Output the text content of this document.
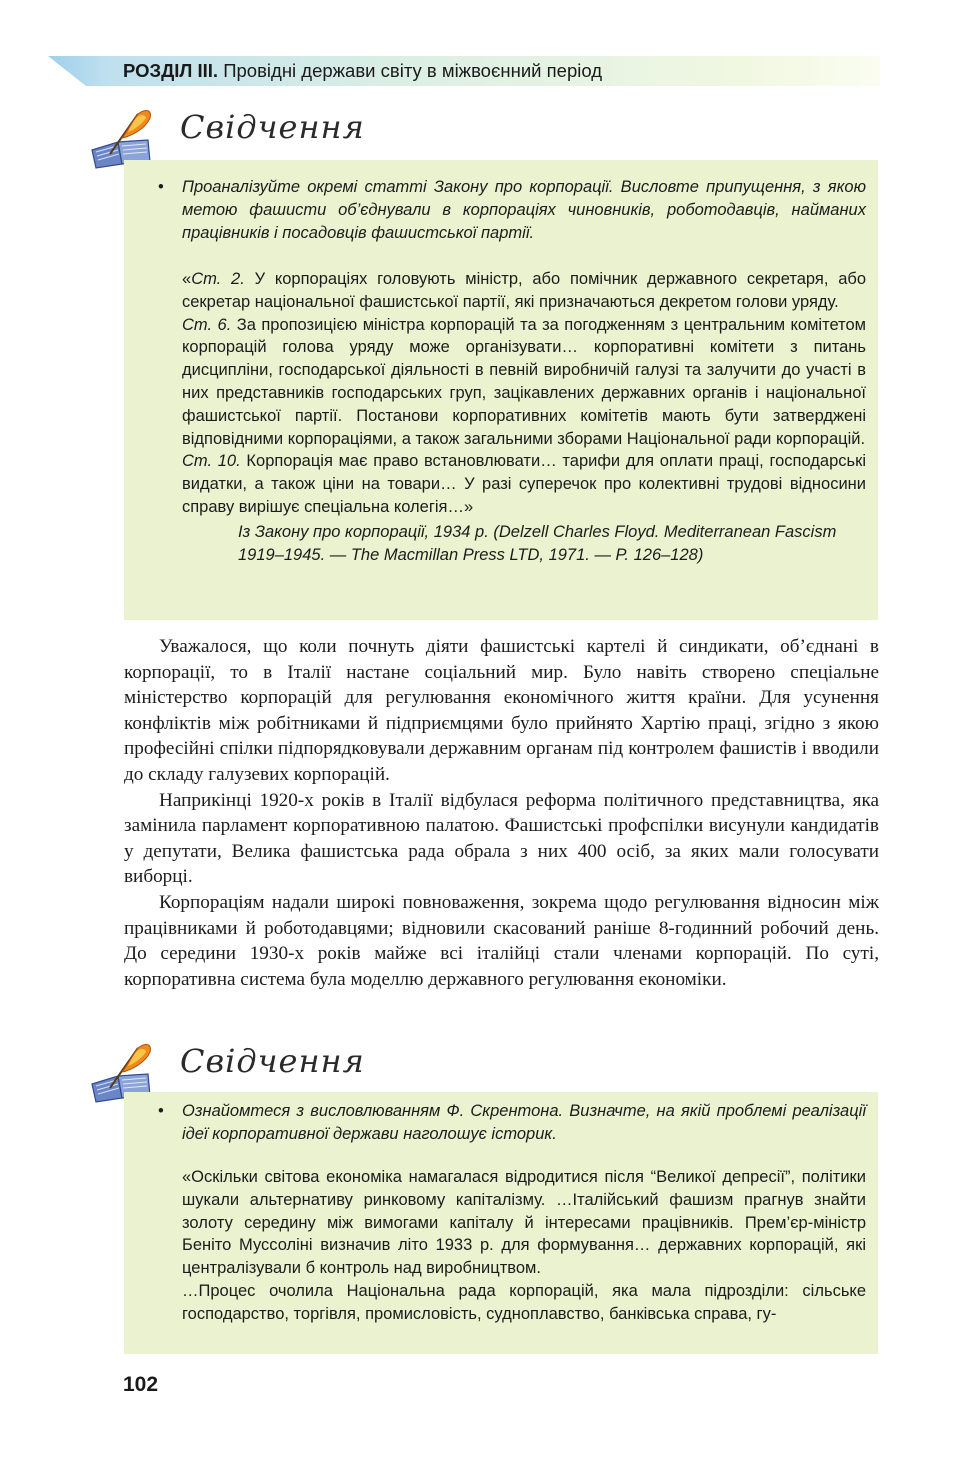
РОЗДІЛ ІІІ. Провідні держави світу в міжвоєнний період
Свідчення
• Проаналізуйте окремі статті Закону про корпорації. Висловте припущення, з якою метою фашисти об’єднували в корпораціях чиновників, роботодавців, найманих працівників і посадовців фашистської партії.

«Ст. 2. У корпораціях головують міністр, або помічник державного секретаря, або секретар національної фашистської партії, які призначаються декретом голови уряду.

Ст. 6. За пропозицією міністра корпорацій та за погодженням з центральним комітетом корпорацій голова уряду може організувати… корпоративні комітети з питань дисципліни, господарської діяльності в певній виробничій галузі та залучити до участі в них представників господарських груп, зацікавлених державних органів і національної фашистської партії. Постанови корпоративних комітетів мають бути затверджені відповідними корпораціями, а також загальними зборами Національної ради корпорацій.

Ст. 10. Корпорація має право встановлювати… тарифи для оплати праці, господарські видатки, а також ціни на товари… У разі суперечок про колективні трудові відносини справу вирішує спеціальна колегія…»

Із Закону про корпорації, 1934 р. (Delzell Charles Floyd. Mediterranean Fascism 1919–1945. — The Macmillan Press LTD, 1971. — P. 126–128)

Уважалося, що коли почнуть діяти фашистські картелі й синдикати, об’єднані в корпорації, то в Італії настане соціальний мир. Було навіть створено спеціальне міністерство корпорацій для регулювання економічного життя країни. Для усунення конфліктів між робітниками й підприємцями було прийнято Хартію праці, згідно з якою професійні спілки підпорядковували державним органам під контролем фашистів і вводили до складу галузевих корпорацій.

Наприкінці 1920-х років в Італії відбулася реформа політичного представництва, яка замінила парламент корпоративною палатою. Фашистські профспілки висунули кандидатів у депутати, Велика фашистська рада обрала з них 400 осіб, за яких мали голосувати виборці.

Корпораціям надали широкі повноваження, зокрема щодо регулювання відносин між працівниками й роботодавцями; відновили скасований раніше 8-годинний робочий день. До середини 1930-х років майже всі італійці стали членами корпорацій. По суті, корпоративна система була моделлю державного регулювання економіки.

Свідчення
• Ознайомтеся з висловлюванням Ф. Скрентона. Визначте, на якій проблемі реалізації ідеї корпоративної держави наголошує історик.

«Оскільки світова економіка намагалася відродитися після “Великої депресії”, політики шукали альтернативу ринковому капіталізму. …Італійський фашизм прагнув знайти золоту середину між вимогами капіталу й інтересами працівників. Прем’єр-міністр Беніто Муссоліні визначив літо 1933 р. для формування… державних корпорацій, які централізували б контроль над виробництвом.

…Процес очолила Національна рада корпорацій, яка мала підрозділи: сільське господарство, торгівля, промисловість, судноплавство, банківська справа, гу-

102
